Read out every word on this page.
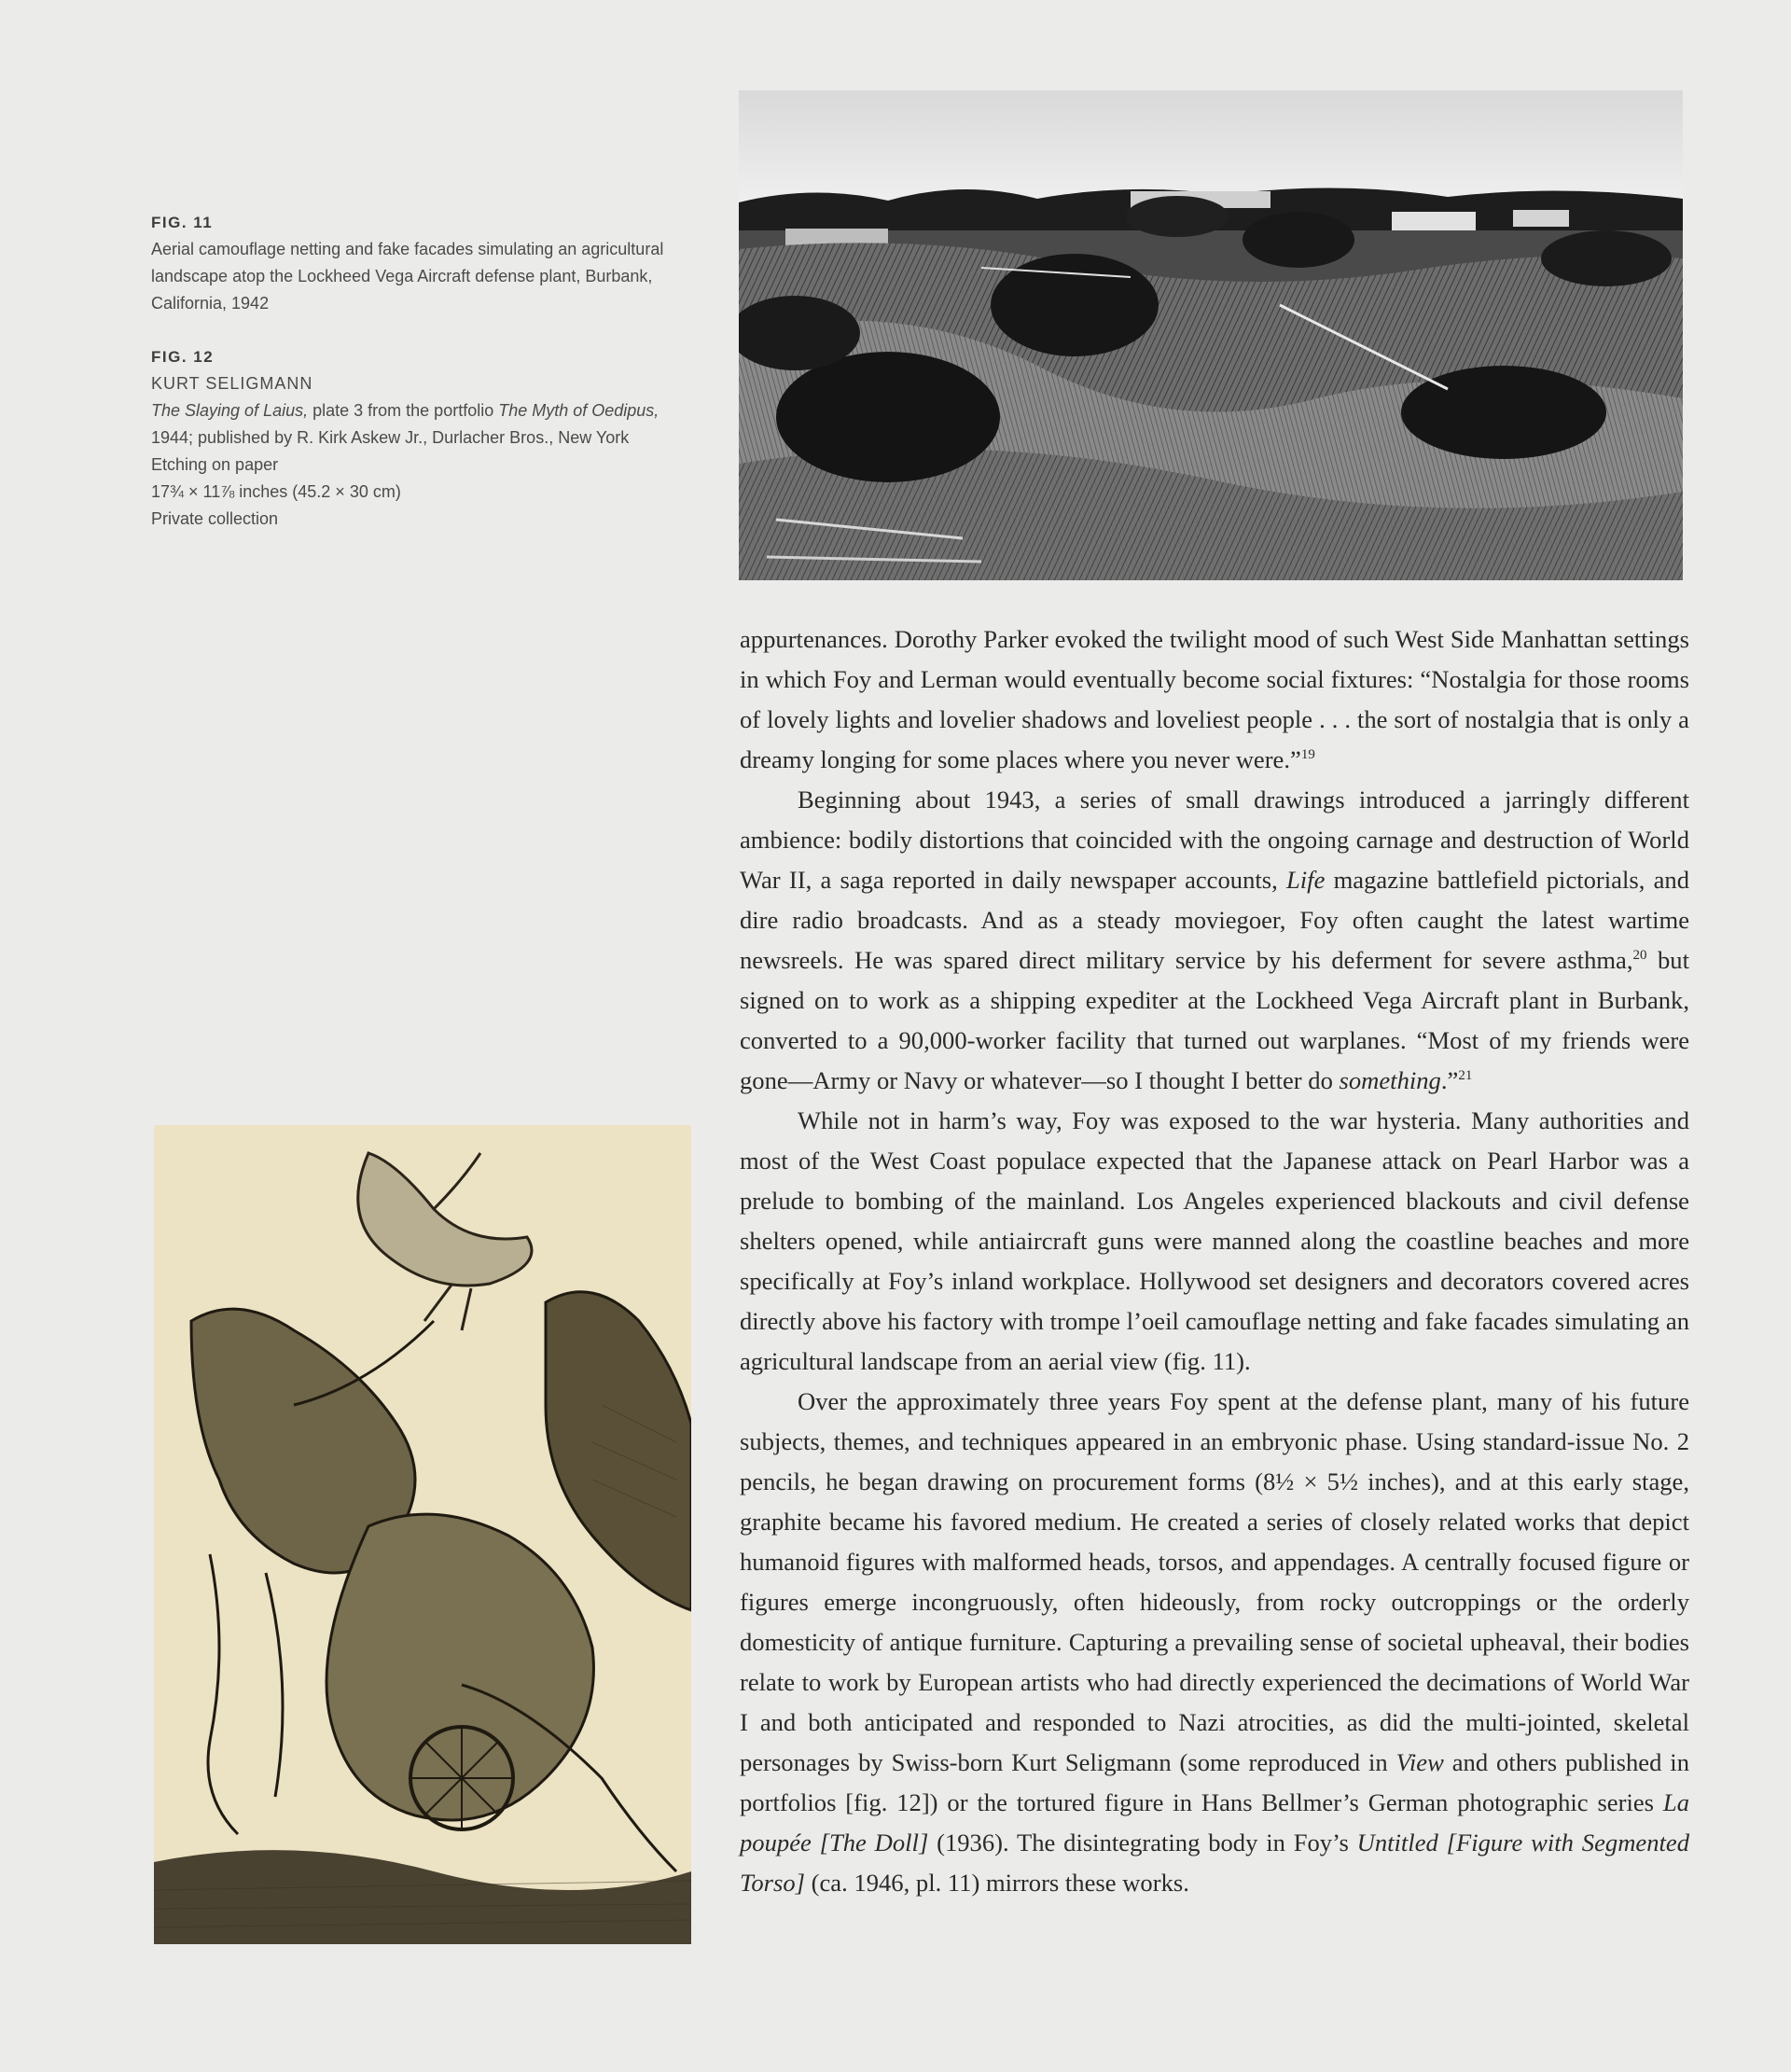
FIG. 11
Aerial camouflage netting and fake facades simulating an agricultural landscape atop the Lockheed Vega Aircraft defense plant, Burbank, California, 1942
FIG. 12
KURT SELIGMANN
The Slaying of Laius, plate 3 from the portfolio The Myth of Oedipus, 1944; published by R. Kirk Askew Jr., Durlacher Bros., New York
Etching on paper
17¾ × 11⅞ inches (45.2 × 30 cm)
Private collection

appurtenances. Dorothy Parker evoked the twilight mood of such West Side Manhattan settings in which Foy and Lerman would eventually become social fixtures: “Nostalgia for those rooms of lovely lights and lovelier shadows and loveliest people . . . the sort of nostalgia that is only a dreamy longing for some places where you never were.”$^{19}$

Beginning about 1943, a series of small drawings introduced a jarringly different ambience: bodily distortions that coincided with the ongoing carnage and destruction of World War II, a saga reported in daily newspaper accounts, Life magazine battlefield pictorials, and dire radio broadcasts. And as a steady moviegoer, Foy often caught the latest wartime newsreels. He was spared direct military service by his deferment for severe asthma,$^{20}$ but signed on to work as a shipping expediter at the Lockheed Vega Aircraft plant in Burbank, converted to a 90,000-worker facility that turned out warplanes. “Most of my friends were gone—Army or Navy or whatever—so I thought I better do something.”$^{21}$

While not in harm’s way, Foy was exposed to the war hysteria. Many authorities and most of the West Coast populace expected that the Japanese attack on Pearl Harbor was a prelude to bombing of the mainland. Los Angeles experienced blackouts and civil defense shelters opened, while antiaircraft guns were manned along the coastline beaches and more specifically at Foy’s inland workplace. Hollywood set designers and decorators covered acres directly above his factory with trompe l’oeil camouflage netting and fake facades simulating an agricultural landscape from an aerial view (fig. 11).

Over the approximately three years Foy spent at the defense plant, many of his future subjects, themes, and techniques appeared in an embryonic phase. Using standard-issue No. 2 pencils, he began drawing on procurement forms (8½ × 5½ inches), and at this early stage, graphite became his favored medium. He created a series of closely related works that depict humanoid figures with malformed heads, torsos, and appendages. A centrally focused figure or figures emerge incongruously, often hideously, from rocky outcroppings or the orderly domesticity of antique furniture. Capturing a prevailing sense of societal upheaval, their bodies relate to work by European artists who had directly experienced the decimations of World War I and both anticipated and responded to Nazi atrocities, as did the multi-jointed, skeletal personages by Swiss-born Kurt Seligmann (some reproduced in View and others published in portfolios [fig. 12]) or the tortured figure in Hans Bellmer’s German photographic series La poupée [The Doll] (1936). The disintegrating body in Foy’s Untitled [Figure with Segmented Torso] (ca. 1946, pl. 11) mirrors these works.
